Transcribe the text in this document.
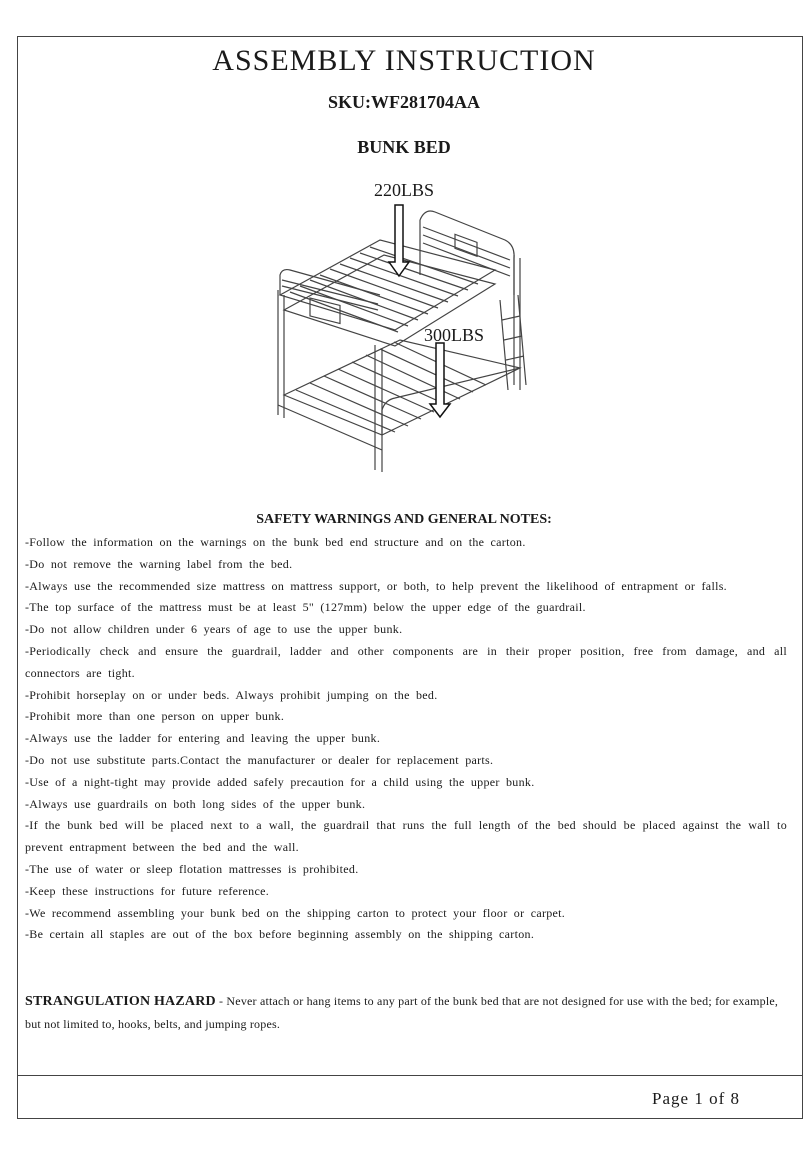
ASSEMBLY INSTRUCTION
SKU:WF281704AA
BUNK BED
220LBS
300LBS
SAFETY WARNINGS AND GENERAL NOTES:
-Follow the information on the warnings on the bunk bed end structure and on the carton.
-Do not remove the warning label from the bed.
-Always use the recommended size mattress on mattress support, or both, to help prevent the likelihood of entrapment or falls.
-The top surface of the mattress must be at least 5" (127mm) below the upper edge of the guardrail.
-Do not allow children under 6 years of age to use the upper bunk.
-Periodically check and ensure the guardrail, ladder and other components are in their proper position, free from damage, and all connectors are tight.
-Prohibit horseplay on or under beds. Always prohibit jumping on the bed.
-Prohibit more than one person on upper bunk.
-Always use the ladder for entering and leaving the upper bunk.
-Do not use substitute parts.Contact the manufacturer or dealer for replacement parts.
-Use of a night-tight may provide added safely precaution for a child using the upper bunk.
-Always use guardrails on both long sides of the upper bunk.
-If the bunk bed will be placed next to a wall, the guardrail that runs the full length of the bed should be placed against the wall to prevent entrapment between the bed and the wall.
-The use of water or sleep flotation mattresses is prohibited.
-Keep these instructions for future reference.
-We recommend assembling your bunk bed on the shipping carton to protect your floor or carpet.
-Be certain all staples are out of the box before beginning assembly on the shipping carton.
STRANGULATION HAZARD - Never attach or hang items to any part of the bunk bed that are not designed for use with the bed; for example, but not limited to, hooks, belts, and jumping ropes.
Page 1 of 8
